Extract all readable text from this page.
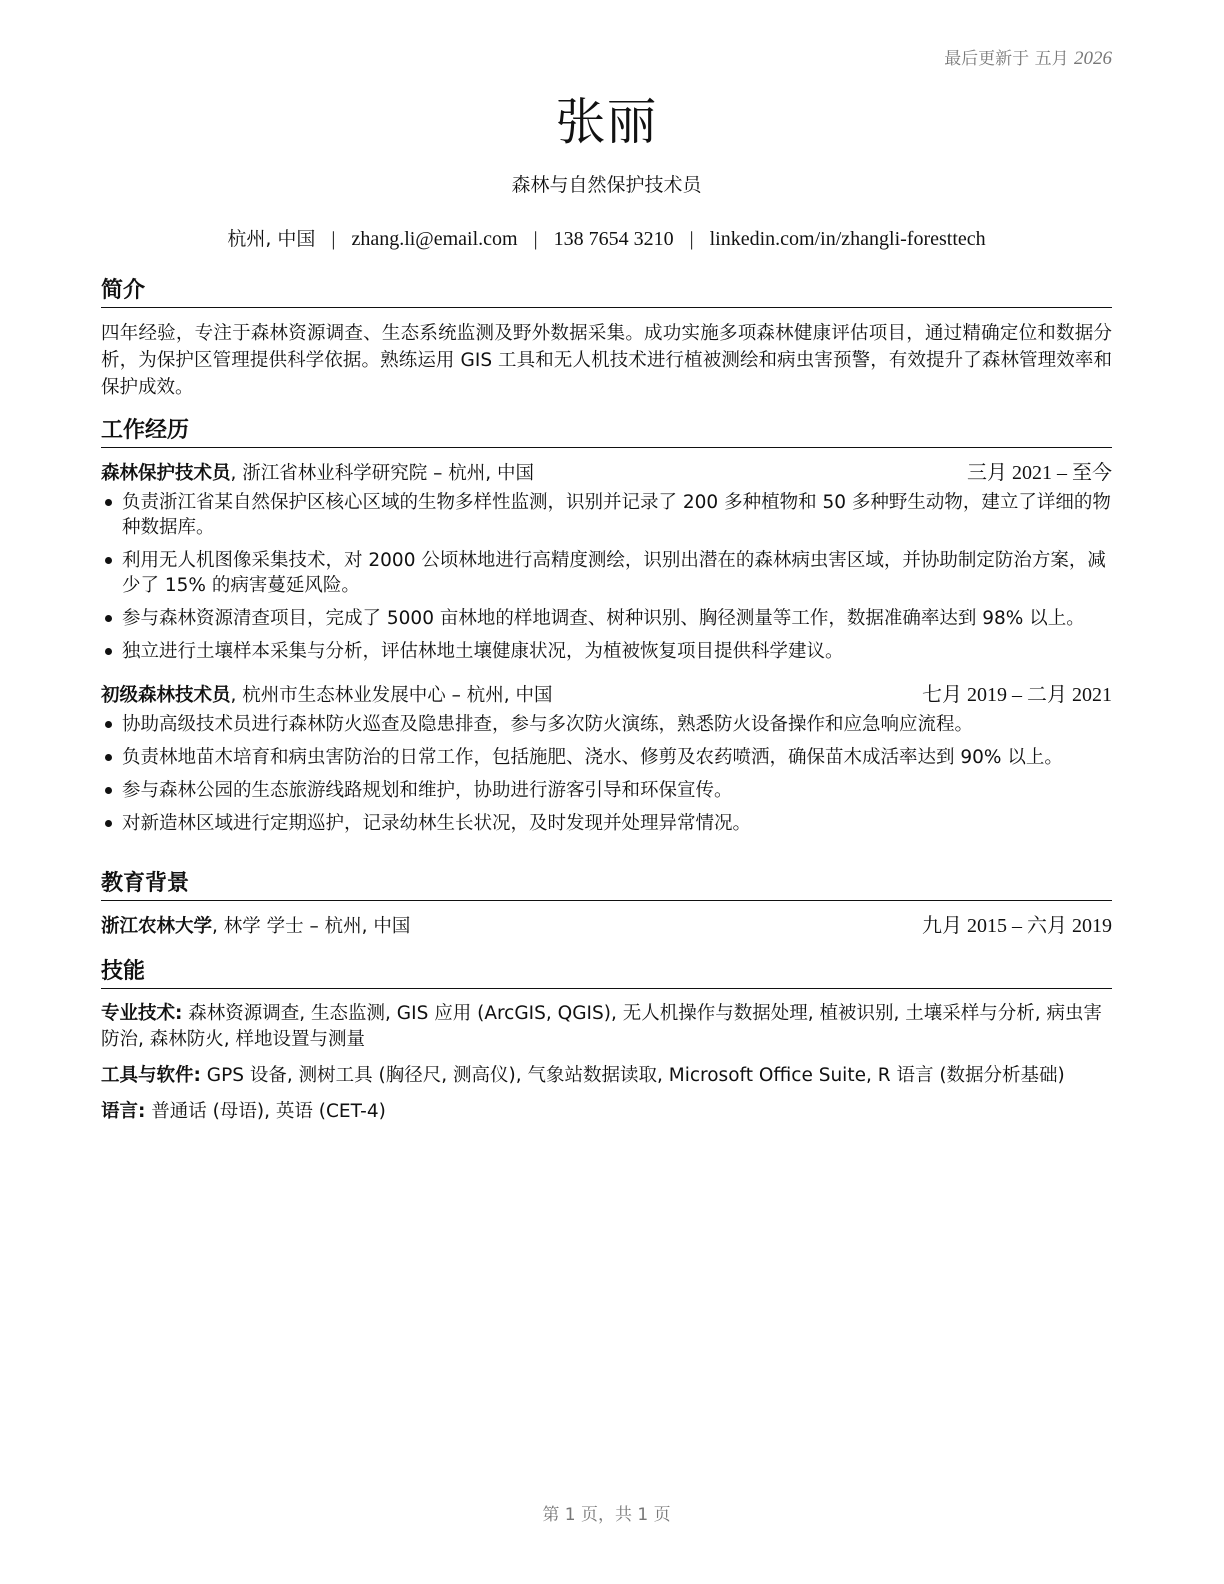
最后更新于 五月 2026
张丽
森林与自然保护技术员
杭州, 中国 | zhang.li@email.com | 138 7654 3210 | linkedin.com/in/zhangli-foresttech
简介
四年经验，专注于森林资源调查、生态系统监测及野外数据采集。成功实施多项森林健康评估项目，通过精确定位和数据分析，为保护区管理提供科学依据。熟练运用 GIS 工具和无人机技术进行植被测绘和病虫害预警，有效提升了森林管理效率和保护成效。
工作经历
森林保护技术员, 浙江省林业科学研究院 – 杭州, 中国	三月 2021 – 至今
负责浙江省某自然保护区核心区域的生物多样性监测，识别并记录了 200 多种植物和 50 多种野生动物，建立了详细的物种数据库。
利用无人机图像采集技术，对 2000 公顷林地进行高精度测绘，识别出潜在的森林病虫害区域，并协助制定防治方案，减少了 15% 的病害蔓延风险。
参与森林资源清查项目，完成了 5000 亩林地的样地调查、树种识别、胸径测量等工作，数据准确率达到 98% 以上。
独立进行土壤样本采集与分析，评估林地土壤健康状况，为植被恢复项目提供科学建议。
初级森林技术员, 杭州市生态林业发展中心 – 杭州, 中国	七月 2019 – 二月 2021
协助高级技术员进行森林防火巡查及隐患排查，参与多次防火演练，熟悉防火设备操作和应急响应流程。
负责林地苗木培育和病虫害防治的日常工作，包括施肥、浇水、修剪及农药喷洒，确保苗木成活率达到 90% 以上。
参与森林公园的生态旅游线路规划和维护，协助进行游客引导和环保宣传。
对新造林区域进行定期巡护，记录幼林生长状况，及时发现并处理异常情况。
教育背景
浙江农林大学, 林学 学士 – 杭州, 中国	九月 2015 – 六月 2019
技能
专业技术: 森林资源调查, 生态监测, GIS 应用 (ArcGIS, QGIS), 无人机操作与数据处理, 植被识别, 土壤采样与分析, 病虫害防治, 森林防火, 样地设置与测量
工具与软件: GPS 设备, 测树工具 (胸径尺, 测高仪), 气象站数据读取, Microsoft Office Suite, R 语言 (数据分析基础)
语言: 普通话 (母语), 英语 (CET-4)
第 1 页，共 1 页
